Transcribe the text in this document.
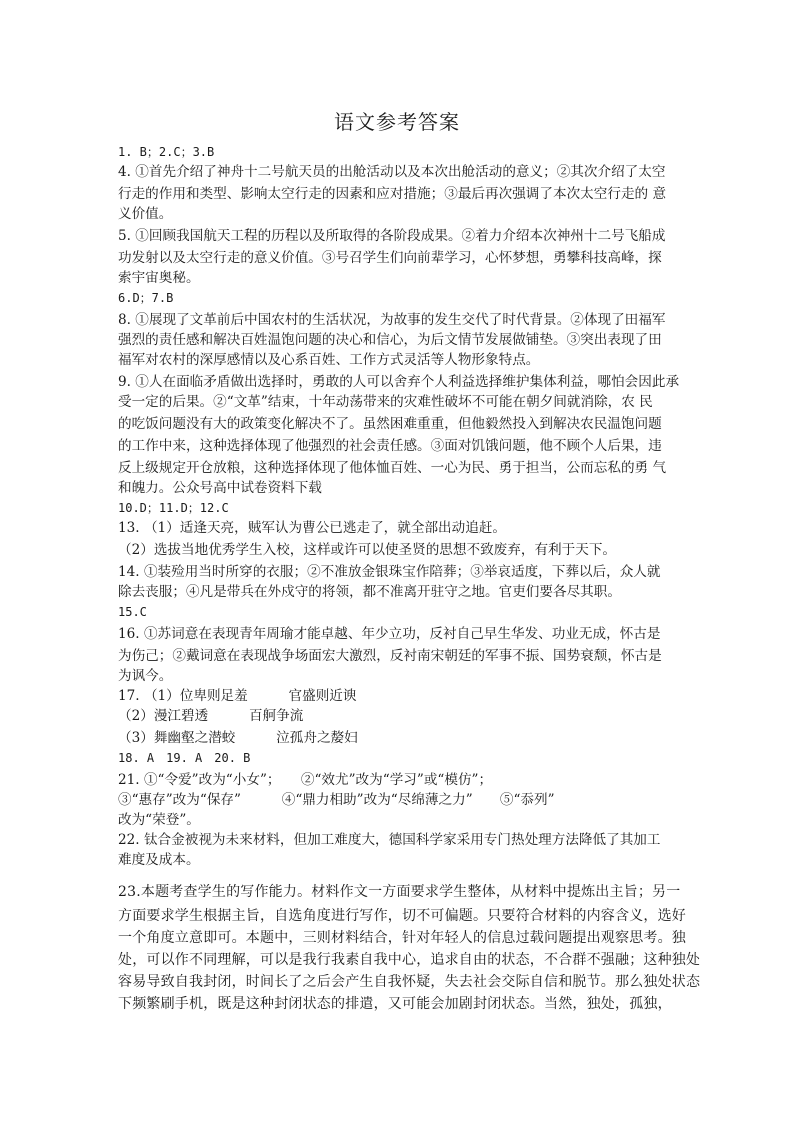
语文参考答案
1. B；2.C；3.B
4. ①首先介绍了神舟十二号航天员的出舱活动以及本次出舱活动的意义；②其次介绍了太空
行走的作用和类型、影响太空行走的因素和应对措施；③最后再次强调了本次太空行走的 意
义价值。
5. ①回顾我国航天工程的历程以及所取得的各阶段成果。②着力介绍本次神州十二号飞船成
功发射以及太空行走的意义价值。③号召学生们向前辈学习，心怀梦想，勇攀科技高峰，探
索宇宙奥秘。
6.D；7.B
8. ①展现了文革前后中国农村的生活状况，为故事的发生交代了时代背景。②体现了田福军
强烈的责任感和解决百姓温饱问题的决心和信心，为后文情节发展做铺垫。③突出表现了田
福军对农村的深厚感情以及心系百姓、工作方式灵活等人物形象特点。
9. ①人在面临矛盾做出选择时，勇敢的人可以舍弃个人利益选择维护集体利益，哪怕会因此承
受一定的后果。②“文革”结束，十年动荡带来的灾难性破坏不可能在朝夕间就消除，农 民
的吃饭问题没有大的政策变化解决不了。虽然困难重重，但他毅然投入到解决农民温饱问题
的工作中来，这种选择体现了他强烈的社会责任感。③面对饥饿问题，他不顾个人后果，违
反上级规定开仓放粮，这种选择体现了他体恤百姓、一心为民、勇于担当，公而忘私的勇 气
和魄力。公众号高中试卷资料下载
10.D；11.D；12.C
13. （1）适逢天亮，贼军认为曹公已逃走了，就全部出动追赶。
（2）选拔当地优秀学生入校，这样或许可以使圣贤的思想不致废弃，有利于天下。
14. ①装殓用当时所穿的衣服；②不准放金银珠宝作陪葬；③举哀适度，下葬以后，众人就
除去丧服；④凡是带兵在外戍守的将领，都不准离开驻守之地。官吏们要各尽其职。
15.C
16. ①苏词意在表现青年周瑜才能卓越、年少立功，反衬自己早生华发、功业无成，怀古是
为伤己；②戴词意在表现战争场面宏大激烈，反衬南宋朝廷的军事不振、国势衰颓，怀古是
为讽今。
17. （1）位卑则足羞　　　官盛则近谀
（2）漫江碧透　　　百舸争流
（3）舞幽壑之潜蛟　　　泣孤舟之嫠妇
18. A　19. A　20. B
21. ①“令爱”改为“小女”；　　②“效尤”改为“学习”或“模仿”；
③“惠存”改为“保存”　　　④“鼎力相助”改为“尽绵薄之力”　　⑤“忝列”
改为“荣登”。
22. 钛合金被视为未来材料，但加工难度大，德国科学家采用专门热处理方法降低了其加工
难度及成本。
23.本题考查学生的写作能力。材料作文一方面要求学生整体，从材料中提炼出主旨；另一
方面要求学生根据主旨，自选角度进行写作，切不可偏题。只要符合材料的内容含义，选好
一个角度立意即可。本题中，三则材料结合，针对年轻人的信息过载问题提出观察思考。独
处，可以作不同理解，可以是我行我素自我中心，追求自由的状态，不合群不强融；这种独处
容易导致自我封闭，时间长了之后会产生自我怀疑，失去社会交际自信和脱节。那么独处状态
下频繁刷手机，既是这种封闭状态的排遣，又可能会加剧封闭状态。当然，独处，孤独，
